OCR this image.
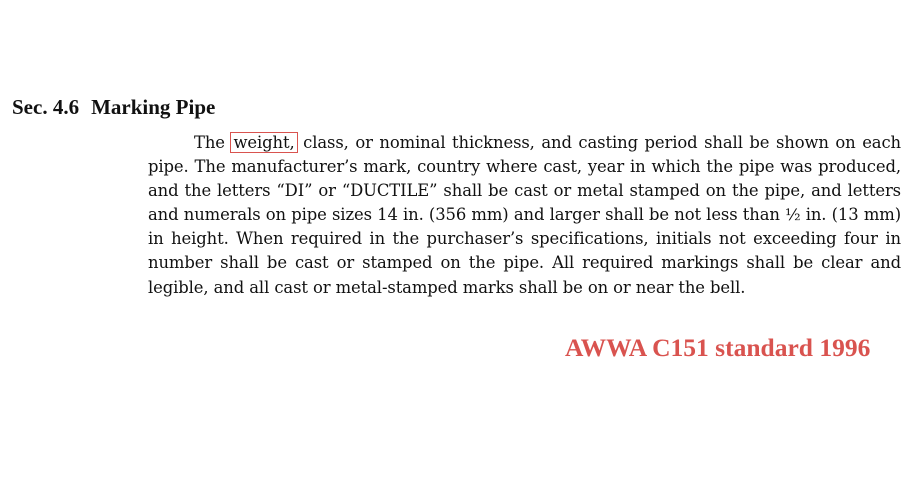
Sec. 4.6 Marking Pipe

The weight, class, or nominal thickness, and casting period shall be shown on each pipe. The manufacturer’s mark, country where cast, year in which the pipe was produced, and the letters “DI” or “DUCTILE” shall be cast or metal stamped on the pipe, and letters and numerals on pipe sizes 14 in. (356 mm) and larger shall be not less than ½ in. (13 mm) in height. When required in the purchaser’s specifications, initials not exceeding four in number shall be cast or stamped on the pipe. All required markings shall be clear and legible, and all cast or metal-stamped marks shall be on or near the bell.

AWWA C151 standard 1996
